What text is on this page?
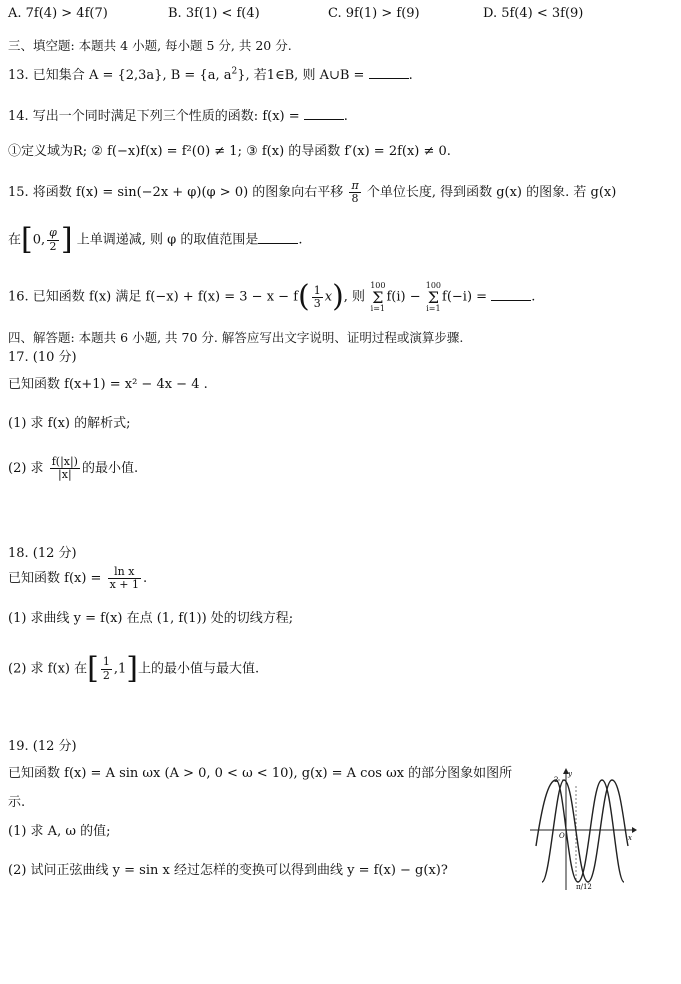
A. 7f(4) > 4f(7)	B. 3f(1) < f(4)	C. 9f(1) > f(9)	D. 5f(4) < 3f(9)
三、填空题: 本题共 4 小题, 每小题 5 分, 共 20 分.
13. 已知集合 A = {2,3a}, B = {a, $a^2$}, 若1∈B, 则 A∪B =	.
14. 写出一个同时满足下列三个性质的函数: f(x) =	.
①定义域为R; ② f(−x)f(x) = f²(0) ≠ 1; ③ f(x) 的导函数 f′(x) = 2f(x) ≠ 0.
15. 将函数 f(x) = sin(−2x + φ)(φ > 0) 的图象向右平移 $\frac{\pi}{8}$ 个单位长度, 得到函数 g(x) 的图象. 若 g(x)
在[0, $\frac{\varphi}{2}$ ] 上单调递减, 则 φ 的取值范围是	.
16. 已知函数 f(x) 满足 $f(-x) + f(x) = 3 - x - f( \frac{1}{3} x)$, 则 100
Σ
i=1f(i) − 100
Σ
i=1f(−i) =	.
四、解答题: 本题共 6 小题, 共 70 分. 解答应写出文字说明、证明过程或演算步骤.
17. (10 分)
已知函数 f(x+1) = x² − 4x − 4 .
(1) 求 f(x) 的解析式;
(2) 求 $\frac{f(|x|)}{|x|}$ 的最小值.
18. (12 分)
已知函数 $f(x) = \frac{\text{ln x}}{x + 1}$ .
(1) 求曲线 y = f(x) 在点 (1, f(1)) 处的切线方程;
(2) 求 f(x) 在[ $\frac{1}{2} ,1$]上的最小值与最大值.
19. (12 分)
已知函数 f(x) = A sin ωx (A > 0, 0 < ω < 10), g(x) = A cos ωx 的部分图象如图所
示.
(1) 求 A, ω 的值;
(2) 试问正弦曲线 y = sin x 经过怎样的变换可以得到曲线 y = f(x) − g(x)?
y
2
O	x
π/12
